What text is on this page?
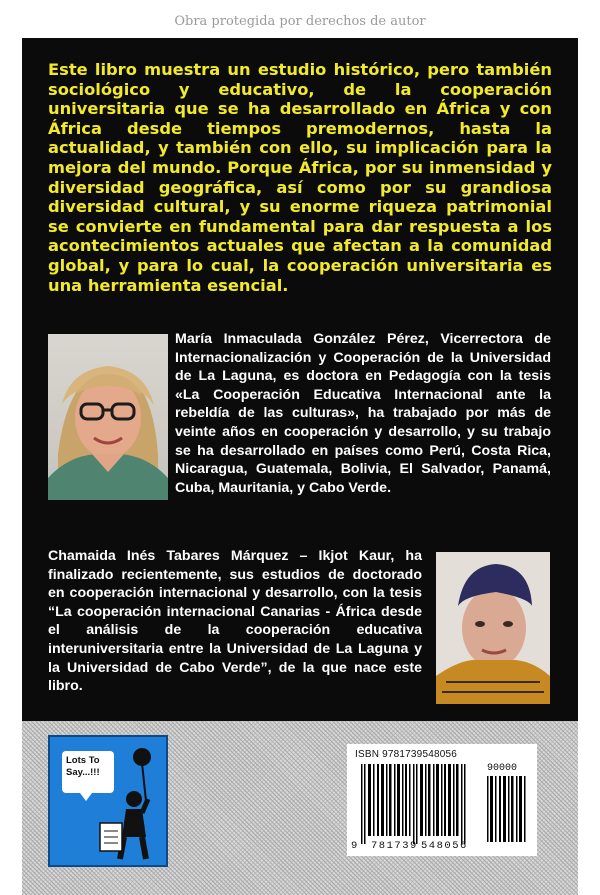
Obra protegida por derechos de autor
Este libro muestra un estudio histórico, pero también sociológico y educativo, de la cooperación universitaria que se ha desarrollado en África y con África desde tiempos premodernos, hasta la actualidad, y también con ello, su implicación para la mejora del mundo. Porque África, por su inmensidad y diversidad geográfica, así como por su grandiosa diversidad cultural, y su enorme riqueza patrimonial se convierte en fundamental para dar respuesta a los acontecimientos actuales que afectan a la comunidad global, y para lo cual, la cooperación universitaria es una herramienta esencial.
María Inmaculada González Pérez, Vicerrectora de Internacionalización y Cooperación de la Universidad de La Laguna, es doctora en Pedagogía con la tesis «La Cooperación Educativa Internacional ante la rebeldía de las culturas», ha trabajado por más de veinte años en cooperación y desarrollo, y su trabajo se ha desarrollado en países como Perú, Costa Rica, Nicaragua, Guatemala, Bolivia, El Salvador, Panamá, Cuba, Mauritania, y Cabo Verde.
Chamaida Inés Tabares Márquez – Ikjot Kaur, ha finalizado recientemente, sus estudios de doctorado en cooperación internacional y desarrollo, con la tesis “La cooperación internacional Canarias - África desde el análisis de la cooperación educativa interuniversitaria entre la Universidad de La Laguna y la Universidad de Cabo Verde”, de la que nace este libro.
Lots To Say...!!!
ISBN 9781739548056
90000
9 781739 548056
